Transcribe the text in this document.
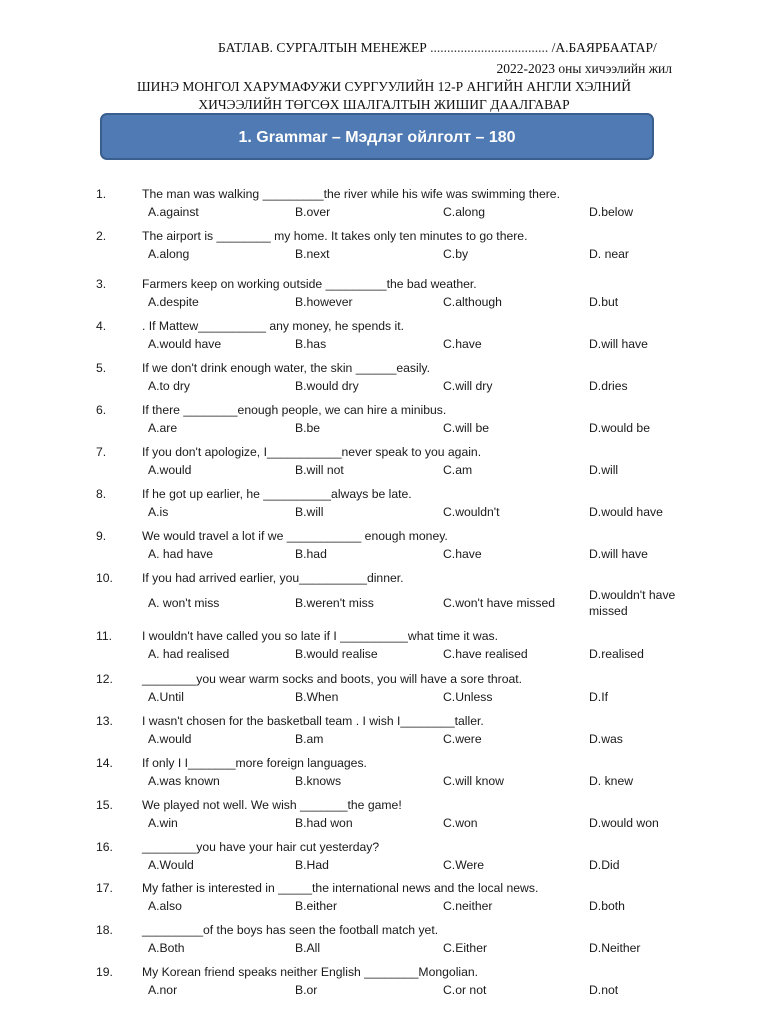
БАТЛАВ. СУРГАЛТЫН МЕНЕЖЕР ................................... /А.БАЯРБААТАР/
2022-2023 оны хичээлийн жил
ШИНЭ МОНГОЛ ХАРУМАФУЖИ СУРГУУЛИЙН 12-Р АНГИЙН АНГЛИ ХЭЛНИЙ
ХИЧЭЭЛИЙН ТӨГСӨХ ШАЛГАЛТЫН ЖИШИГ ДААЛГАВАР
1. Grammar – Мэдлэг ойлголт – 180
1.	The man was walking _________the river while his wife was swimming there.
A.against	B.over	C.along	D.below
2.	The airport is ________ my home. It takes only ten minutes to go there.
A.along	B.next	C.by	D. near
3.	Farmers keep on working outside _________the bad weather.
A.despite	B.however	C.although	D.but
4.	. If Mattew__________ any money, he spends it.
A.would have	B.has	C.have	D.will have
5.	If we don't drink enough water, the skin ______easily.
A.to dry	B.would dry	C.will dry	D.dries
6.	If there ________enough people, we can hire a minibus.
A.are	B.be	C.will be	D.would be
7.	If you don't apologize, I___________never speak to you again.
A.would	B.will not	C.am	D.will
8.	If he got up earlier, he __________always be late.
A.is	B.will	C.wouldn't	D.would have
9.	We would travel a lot if we ___________ enough money.
A. had have	B.had	C.have	D.will have
10. If you had arrived earlier, you__________dinner.
A. won't miss	B.weren't miss	C.won't have missed
D.wouldn't have missed
11. I wouldn't have called you so late if I __________what time it was.
A. had realised	B.would realise	C.have realised	D.realised
12. ________you wear warm socks and boots, you will have a sore throat.
A.Until	B.When	C.Unless	D.If
13. I wasn't chosen for the basketball team . I wish I________taller.
A.would	B.am	C.were	D.was
14. If only I I_______more foreign languages.
A.was known	B.knows	C.will know	D. knew
15. We played not well. We wish _______the game!
A.win	B.had won	C.won	D.would won
16. ________you have your hair cut yesterday?
A.Would	B.Had	C.Were	D.Did
17. My father is interested in _____the international news and the local news.
A.also	B.either	C.neither	D.both
18. _________of the boys has seen the football match yet.
A.Both	B.All	C.Either	D.Neither
19. My Korean friend speaks neither English ________Mongolian.
A.nor	B.or	C.or not	D.not
